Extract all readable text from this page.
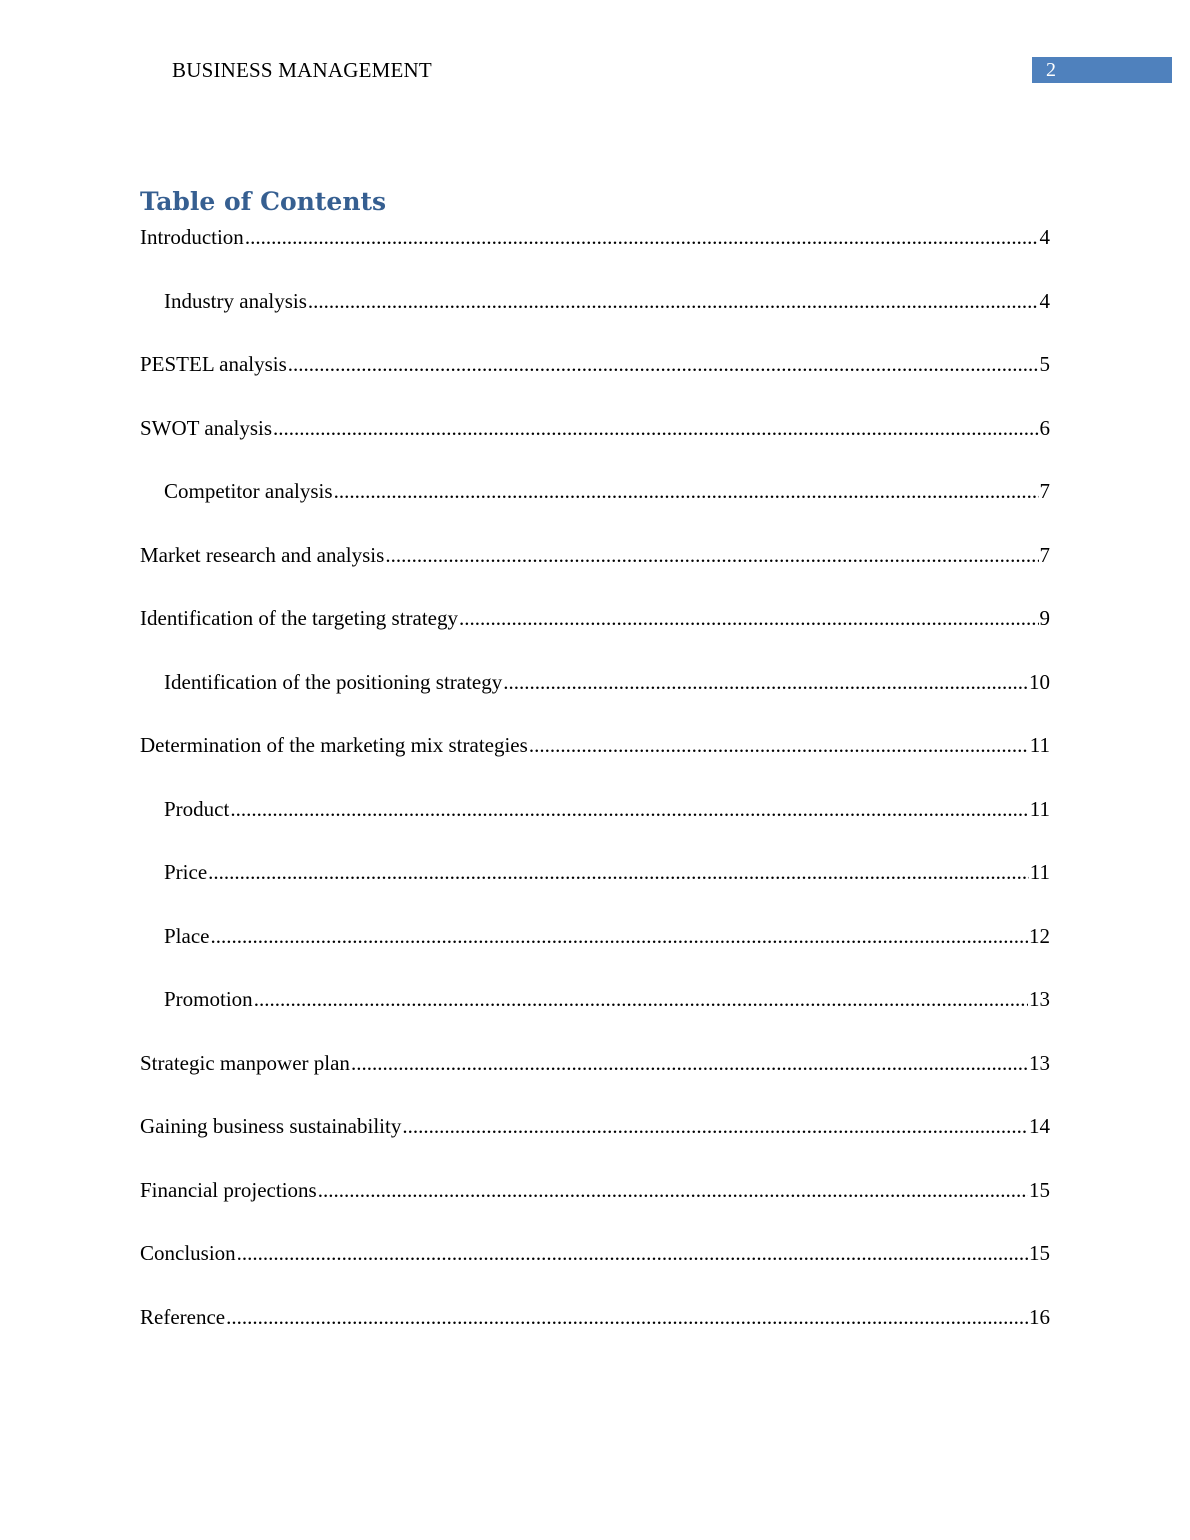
BUSINESS MANAGEMENT	2
Table of Contents
Introduction .....	4
Industry analysis .....	4
PESTEL analysis .....	5
SWOT analysis .....	6
Competitor analysis .....	7
Market research and analysis .....	7
Identification of the targeting strategy .....	9
Identification of the positioning strategy .....	10
Determination of the marketing mix strategies .....	11
Product .....	11
Price .....	11
Place .....	12
Promotion .....	13
Strategic manpower plan .....	13
Gaining business sustainability .....	14
Financial projections .....	15
Conclusion .....	15
Reference .....	16
